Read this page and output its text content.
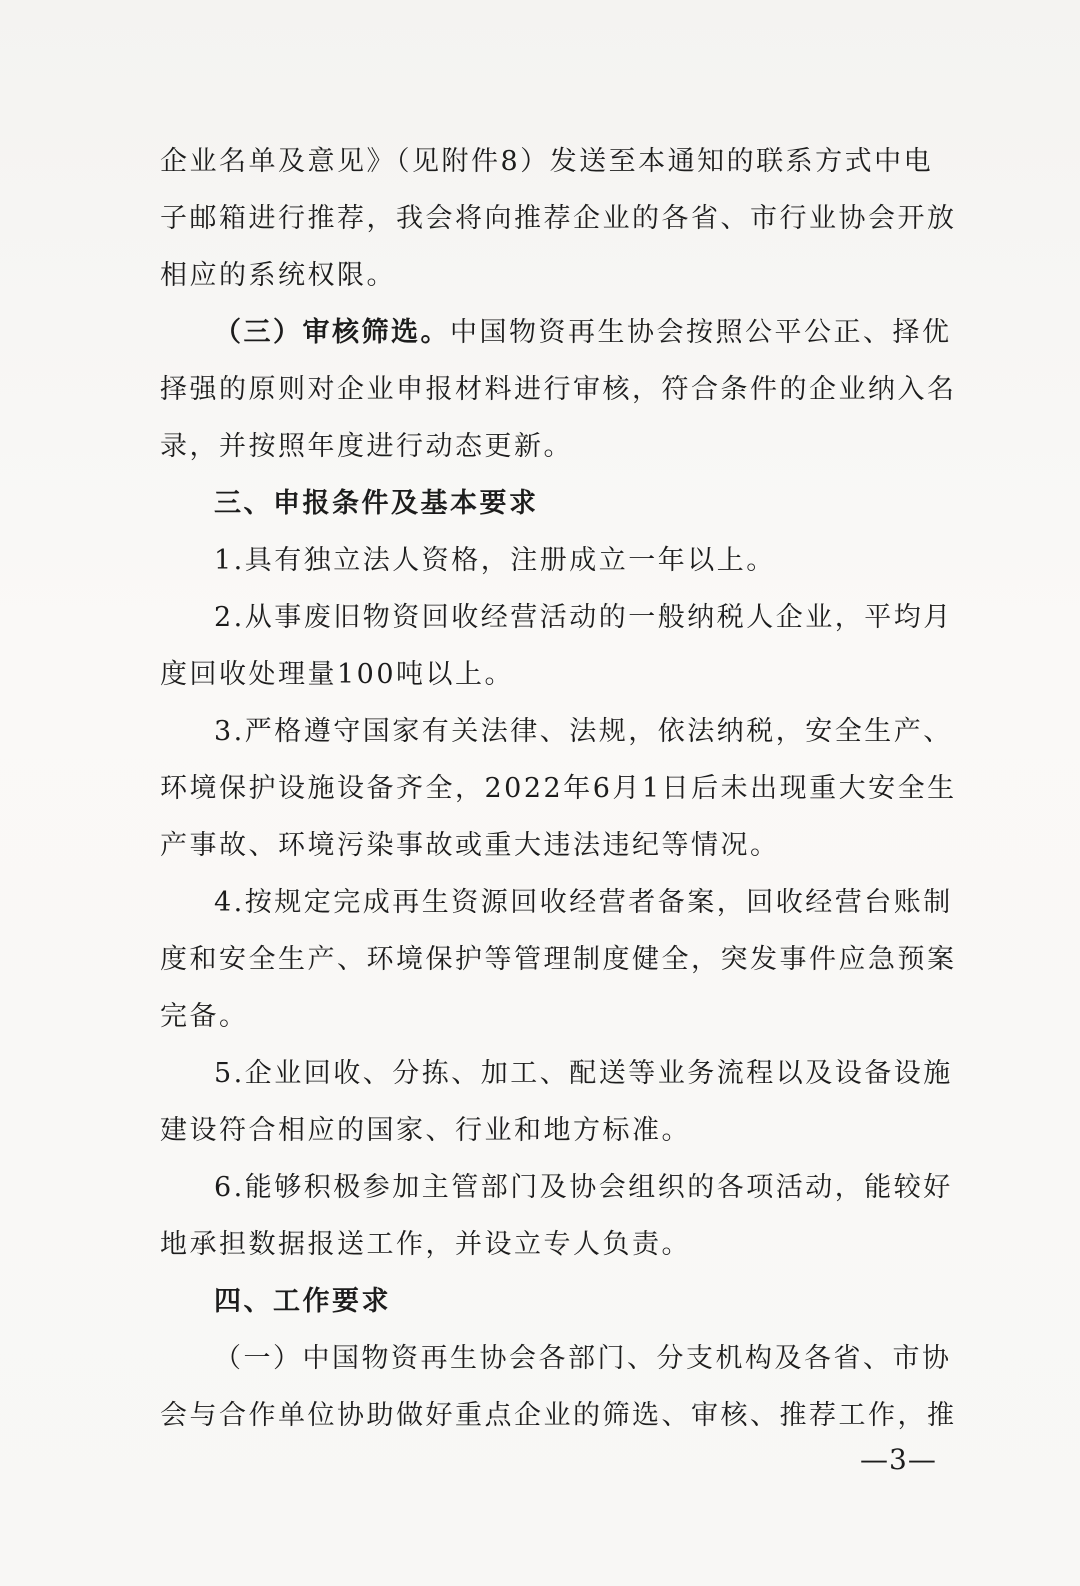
企业名单及意见》（见附件8）发送至本通知的联系方式中电
子邮箱进行推荐，我会将向推荐企业的各省、市行业协会开放
相应的系统权限。
（三）审核筛选。中国物资再生协会按照公平公正、择优
择强的原则对企业申报材料进行审核，符合条件的企业纳入名
录，并按照年度进行动态更新。
三、申报条件及基本要求
1.具有独立法人资格，注册成立一年以上。
2.从事废旧物资回收经营活动的一般纳税人企业，平均月
度回收处理量100吨以上。
3.严格遵守国家有关法律、法规，依法纳税，安全生产、
环境保护设施设备齐全，2022年6月1日后未出现重大安全生
产事故、环境污染事故或重大违法违纪等情况。
4.按规定完成再生资源回收经营者备案，回收经营台账制
度和安全生产、环境保护等管理制度健全，突发事件应急预案
完备。
5.企业回收、分拣、加工、配送等业务流程以及设备设施
建设符合相应的国家、行业和地方标准。
6.能够积极参加主管部门及协会组织的各项活动，能较好
地承担数据报送工作，并设立专人负责。
四、工作要求
（一）中国物资再生协会各部门、分支机构及各省、市协
会与合作单位协助做好重点企业的筛选、审核、推荐工作，推
—3—
